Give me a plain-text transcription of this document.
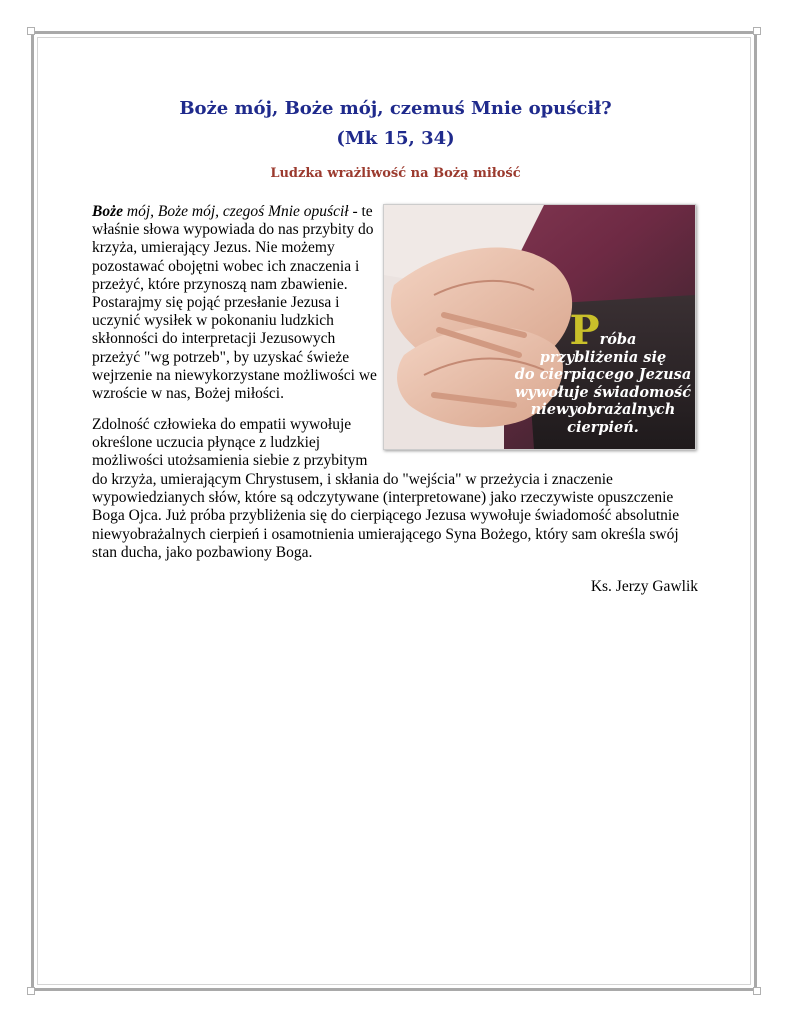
Boże mój, Boże mój, czemuś Mnie opuścił?
(Mk 15, 34)
Ludzka wrażliwość na Bożą miłość
Próba
przybliżenia się
do cierpiącego Jezusa
wywołuje świadomość
niewyobrażalnych
cierpień.
Boże mój, Boże mój, czegoś Mnie opuścił - te właśnie słowa wypowiada do nas przybity do krzyża, umierający Jezus. Nie możemy pozostawać obojętni wobec ich znaczenia i przeżyć, które przynoszą nam zbawienie. Postarajmy się pojąć przesłanie Jezusa i uczynić wysiłek w pokonaniu ludzkich skłonności do interpretacji Jezusowych przeżyć "wg potrzeb", by uzyskać świeże wejrzenie na niewykorzystane możliwości we wzroście w nas, Bożej miłości.
Zdolność człowieka do empatii wywołuje określone uczucia płynące z ludzkiej możliwości utożsamienia siebie z przybitym
do krzyża, umierającym Chrystusem, i skłania do "wejścia" w przeżycia i znaczenie wypowiedzianych słów, które są odczytywane (interpretowane) jako rzeczywiste opuszczenie Boga Ojca. Już próba przybliżenia się do cierpiącego Jezusa wywołuje świadomość absolutnie niewyobrażalnych cierpień i osamotnienia umierającego Syna Bożego, który sam określa swój stan ducha, jako pozbawiony Boga.
Ks. Jerzy Gawlik
